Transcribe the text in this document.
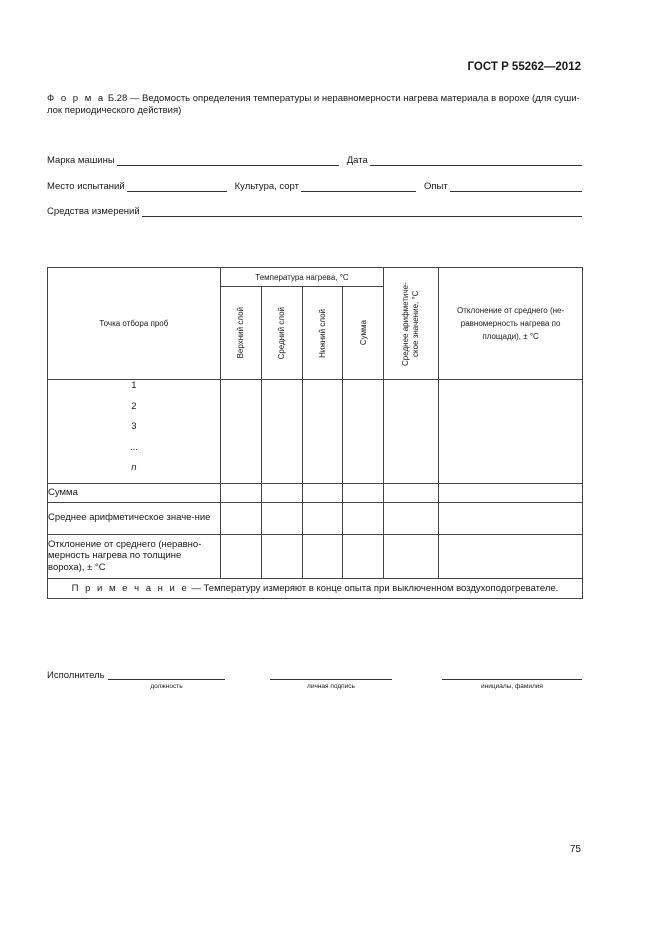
ГОСТ Р 55262—2012
Ф о р м а Б.28 — Ведомость определения температуры и неравномерности нагрева материала в ворохе (для суши-лок периодического действия)
Марка машины	Дата
Место испытаний	Культура, сорт	Опыт
Средства измерений
Точка отбора проб	Температура нагрева, °С				Среднее арифметиче-ское значение, °С	Отклонение от среднего (не-равномерность нагрева по площади), ± °С

	Верхний слой	Средний слой	Нижний слой	Сумма		

1
2
3
...
n						

Сумма						
Среднее арифметическое значе-ние						
Отклонение от среднего (неравно-мерность нагрева по толщине вороха), ± °С						
П р и м е ч а н и е — Температуру измеряют в конце опыта при выключенном воздухоподогревателе.						
Исполнитель
должность	личная подпись	инициалы, фамилия
75
